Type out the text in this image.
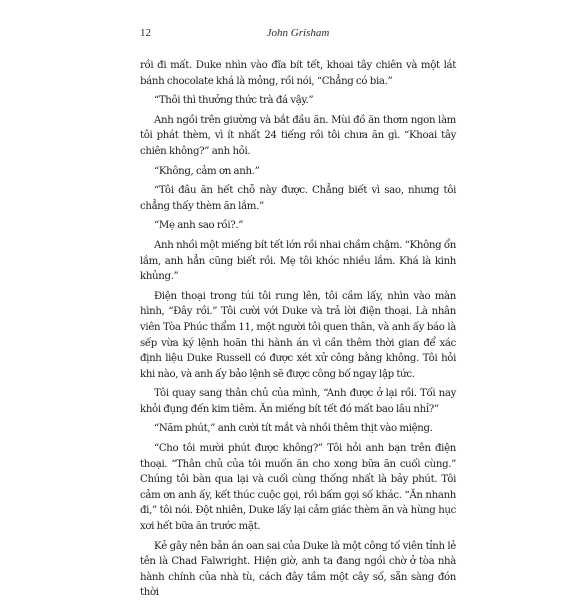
12	John Grisham

rồi đi mất. Duke nhìn vào đĩa bít tết, khoai tây chiên và một lát bánh chocolate khá là mỏng, rồi nói, “Chẳng có bia.”

“Thôi thì thưởng thức trà đá vậy.”

Anh ngồi trên giường và bắt đầu ăn. Mùi đồ ăn thơm ngon làm tôi phát thèm, vì ít nhất 24 tiếng rồi tôi chưa ăn gì. “Khoai tây chiên không?” anh hỏi.

“Không, cảm ơn anh.”

“Tôi đâu ăn hết chỗ này được. Chẳng biết vì sao, nhưng tôi chẳng thấy thèm ăn lắm.”

“Mẹ anh sao rồi?.”

Anh nhồi một miếng bít tết lớn rồi nhai chầm chậm. “Không ổn lắm, anh hẳn cũng biết rồi. Mẹ tôi khóc nhiều lắm. Khá là kinh khủng.”

Điện thoại trong túi tôi rung lên, tôi cầm lấy, nhìn vào màn hình, “Đây rồi.” Tôi cười với Duke và trả lời điện thoại. Là nhân viên Tòa Phúc thẩm 11, một người tôi quen thân, và anh ấy báo là sếp vừa ký lệnh hoãn thi hành án vì cần thêm thời gian để xác định liệu Duke Russell có được xét xử công bằng không. Tôi hỏi khi nào, và anh ấy bảo lệnh sẽ được công bố ngay lập tức.

Tôi quay sang thân chủ của mình, “Anh được ở lại rồi. Tối nay khỏi đụng đến kim tiêm. Ăn miếng bít tết đó mất bao lâu nhỉ?”

“Năm phút,” anh cười tít mắt và nhồi thêm thịt vào miệng.

“Cho tôi mười phút được không?” Tôi hỏi anh bạn trên điện thoại. “Thân chủ của tôi muốn ăn cho xong bữa ăn cuối cùng.” Chúng tôi bàn qua lại và cuối cùng thống nhất là bảy phút. Tôi cảm ơn anh ấy, kết thúc cuộc gọi, rồi bấm gọi số khác. “Ăn nhanh đi,” tôi nói. Đột nhiên, Duke lấy lại cảm giác thèm ăn và hùng hục xơi hết bữa ăn trước mặt.

Kẻ gây nên bản án oan sai của Duke là một công tố viên tỉnh lẻ tên là Chad Falwright. Hiện giờ, anh ta đang ngồi chờ ở tòa nhà hành chính của nhà tù, cách đây tầm một cây số, sẵn sàng đón thời
